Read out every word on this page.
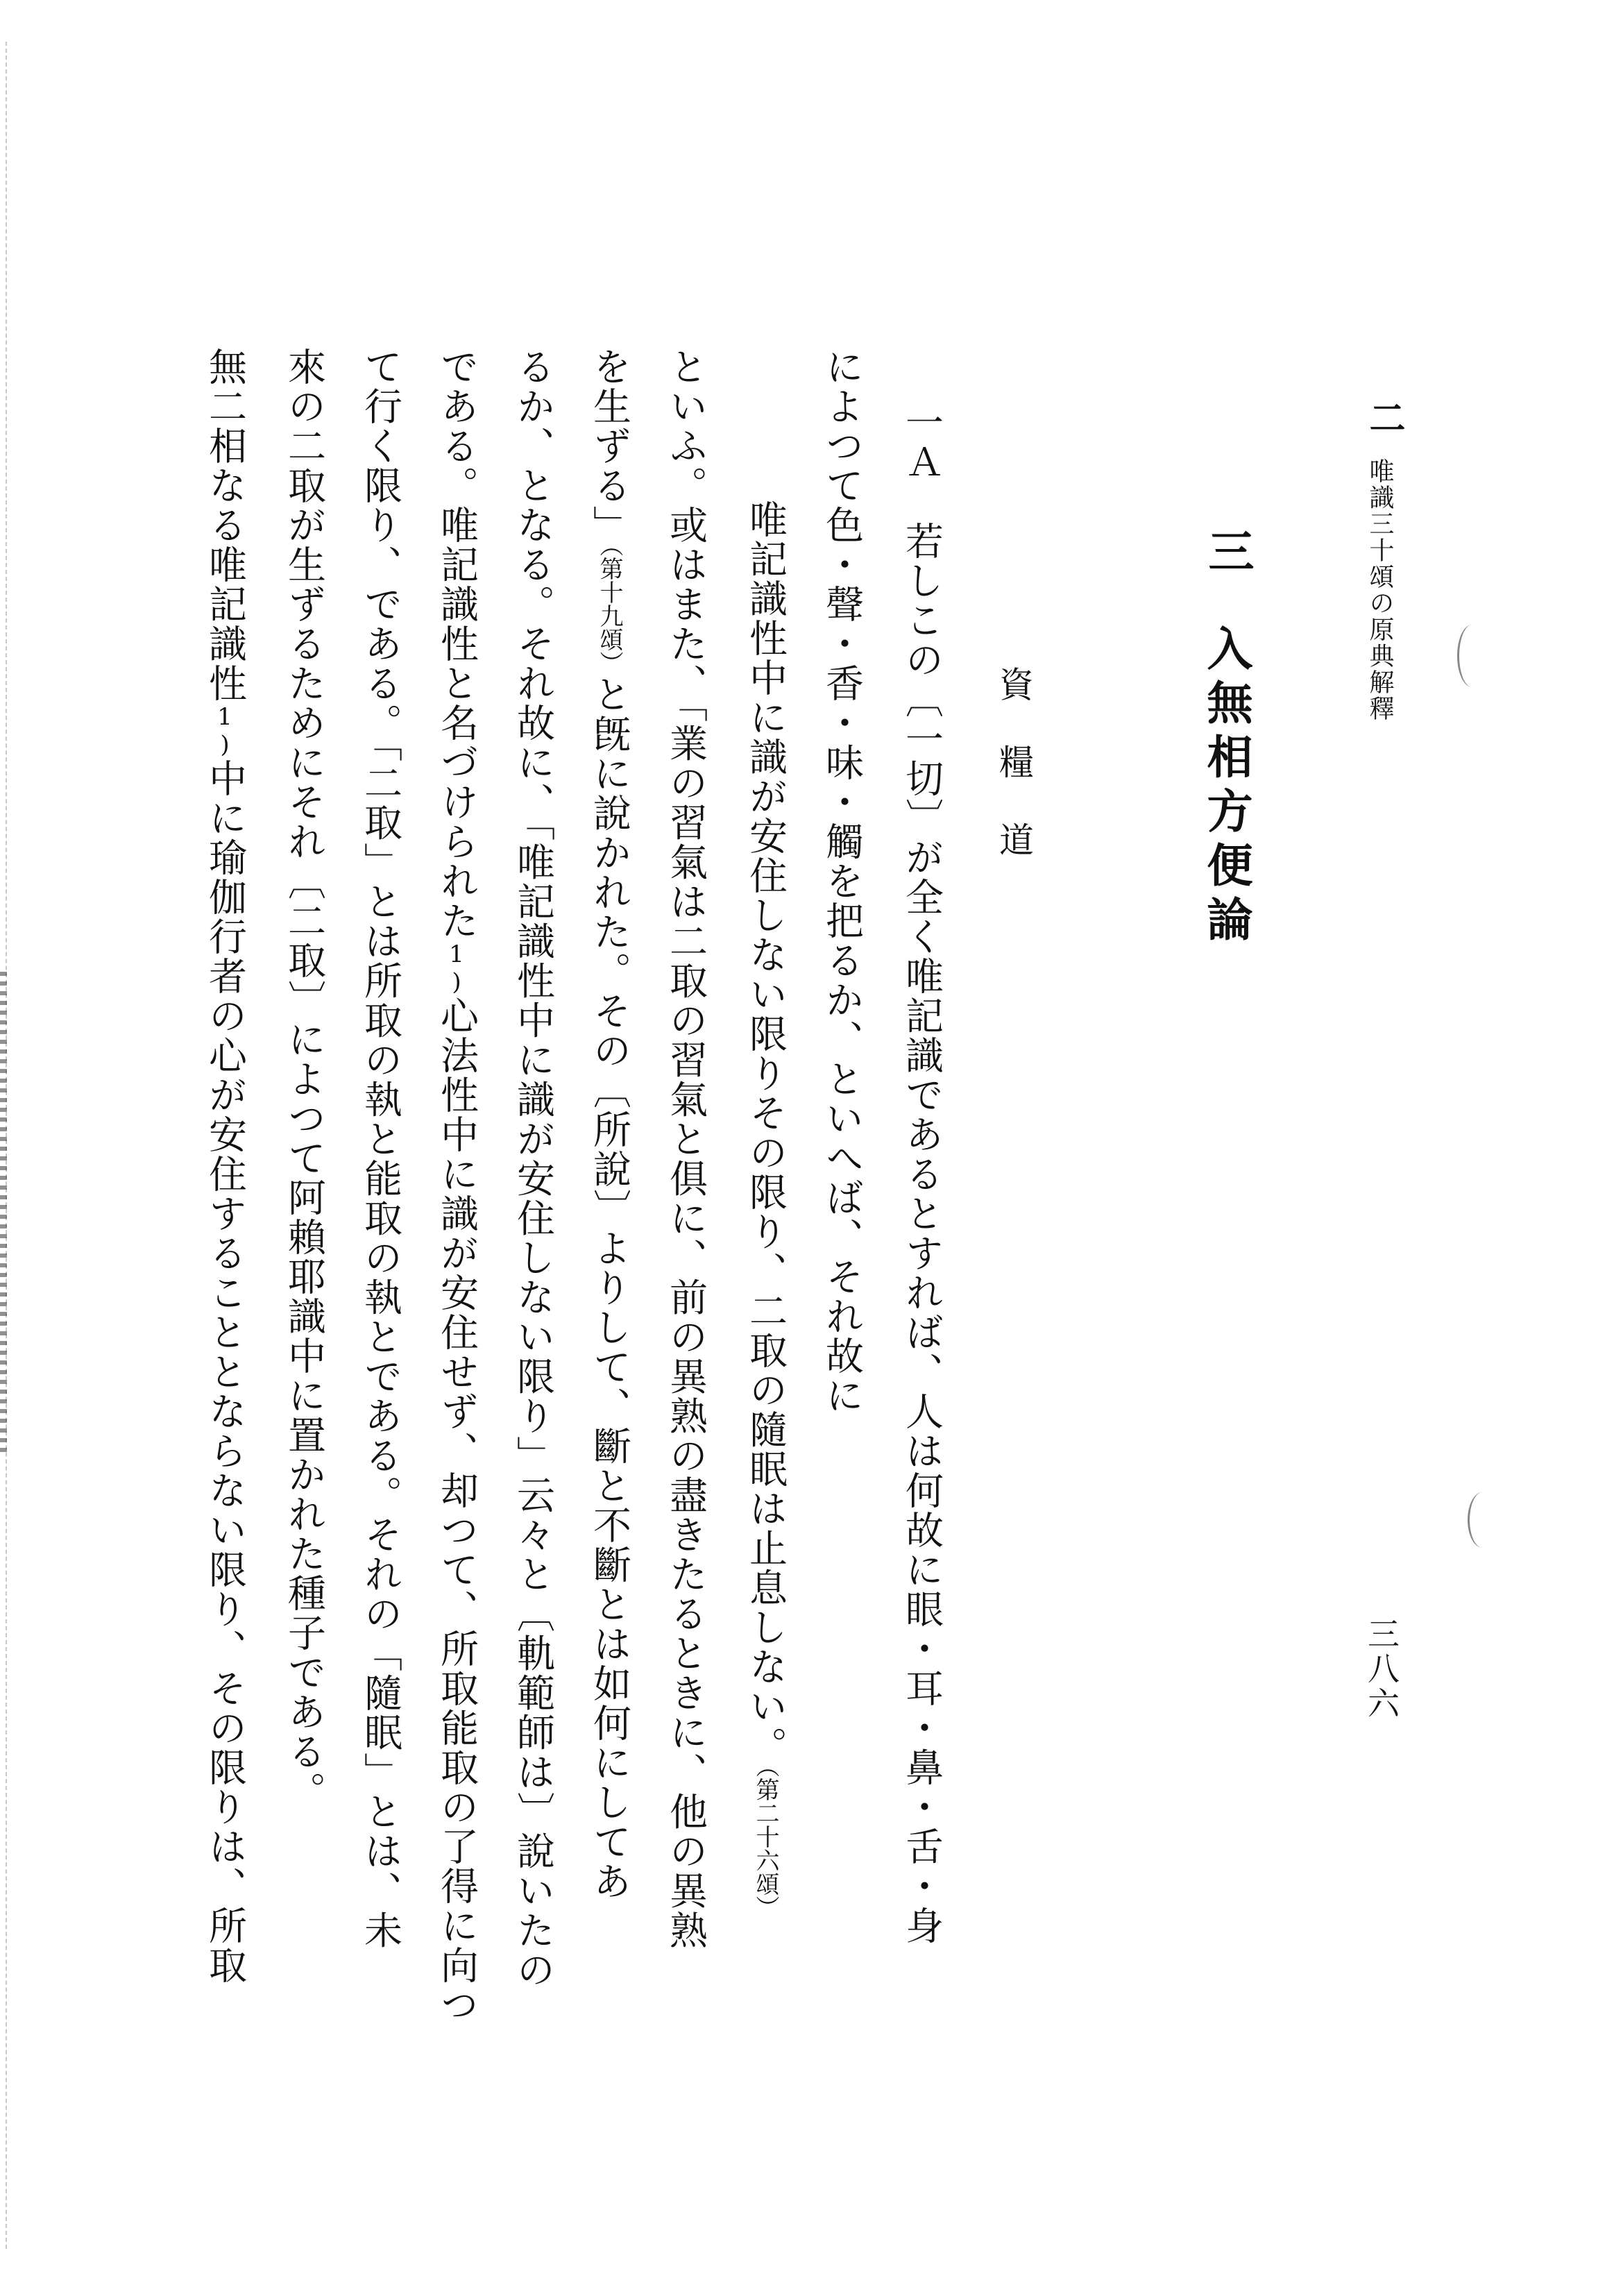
二
唯識三十頌の原典解釋
三八六
三
入無相方便論
資糧道
一Ａ　若しこの〔一切〕が全く唯記識であるとすれば、人は何故に眼・耳・鼻・舌・身
によつて色・聲・香・味・觸を把るか、といへば、それ故に
唯記識性中に識が安住しない限りその限り、二取の隨眠は止息しない。（第二十六頌）
といふ。或はまた、「業の習氣は二取の習氣と俱に、前の異熟の盡きたるときに、他の異熟
を生ずる」（第十九頌）と旣に說かれた。その〔所說〕よりして、斷と不斷とは如何にしてあ
るか、となる。それ故に、「唯記識性中に識が安住しない限り」云々と〔軌範師は〕說いたの
である。唯記識性と名づけられた1)心法性中に識が安住せず、却つて、所取能取の了得に向つ
て行く限り、である。「二取」とは所取の執と能取の執とである。それの「隨眠」とは、未
來の二取が生ずるためにそれ〔二取〕によつて阿賴耶識中に置かれた種子である。
無二相なる唯記識性1)中に瑜伽行者の心が安住することとならない限り、その限りは、所取
